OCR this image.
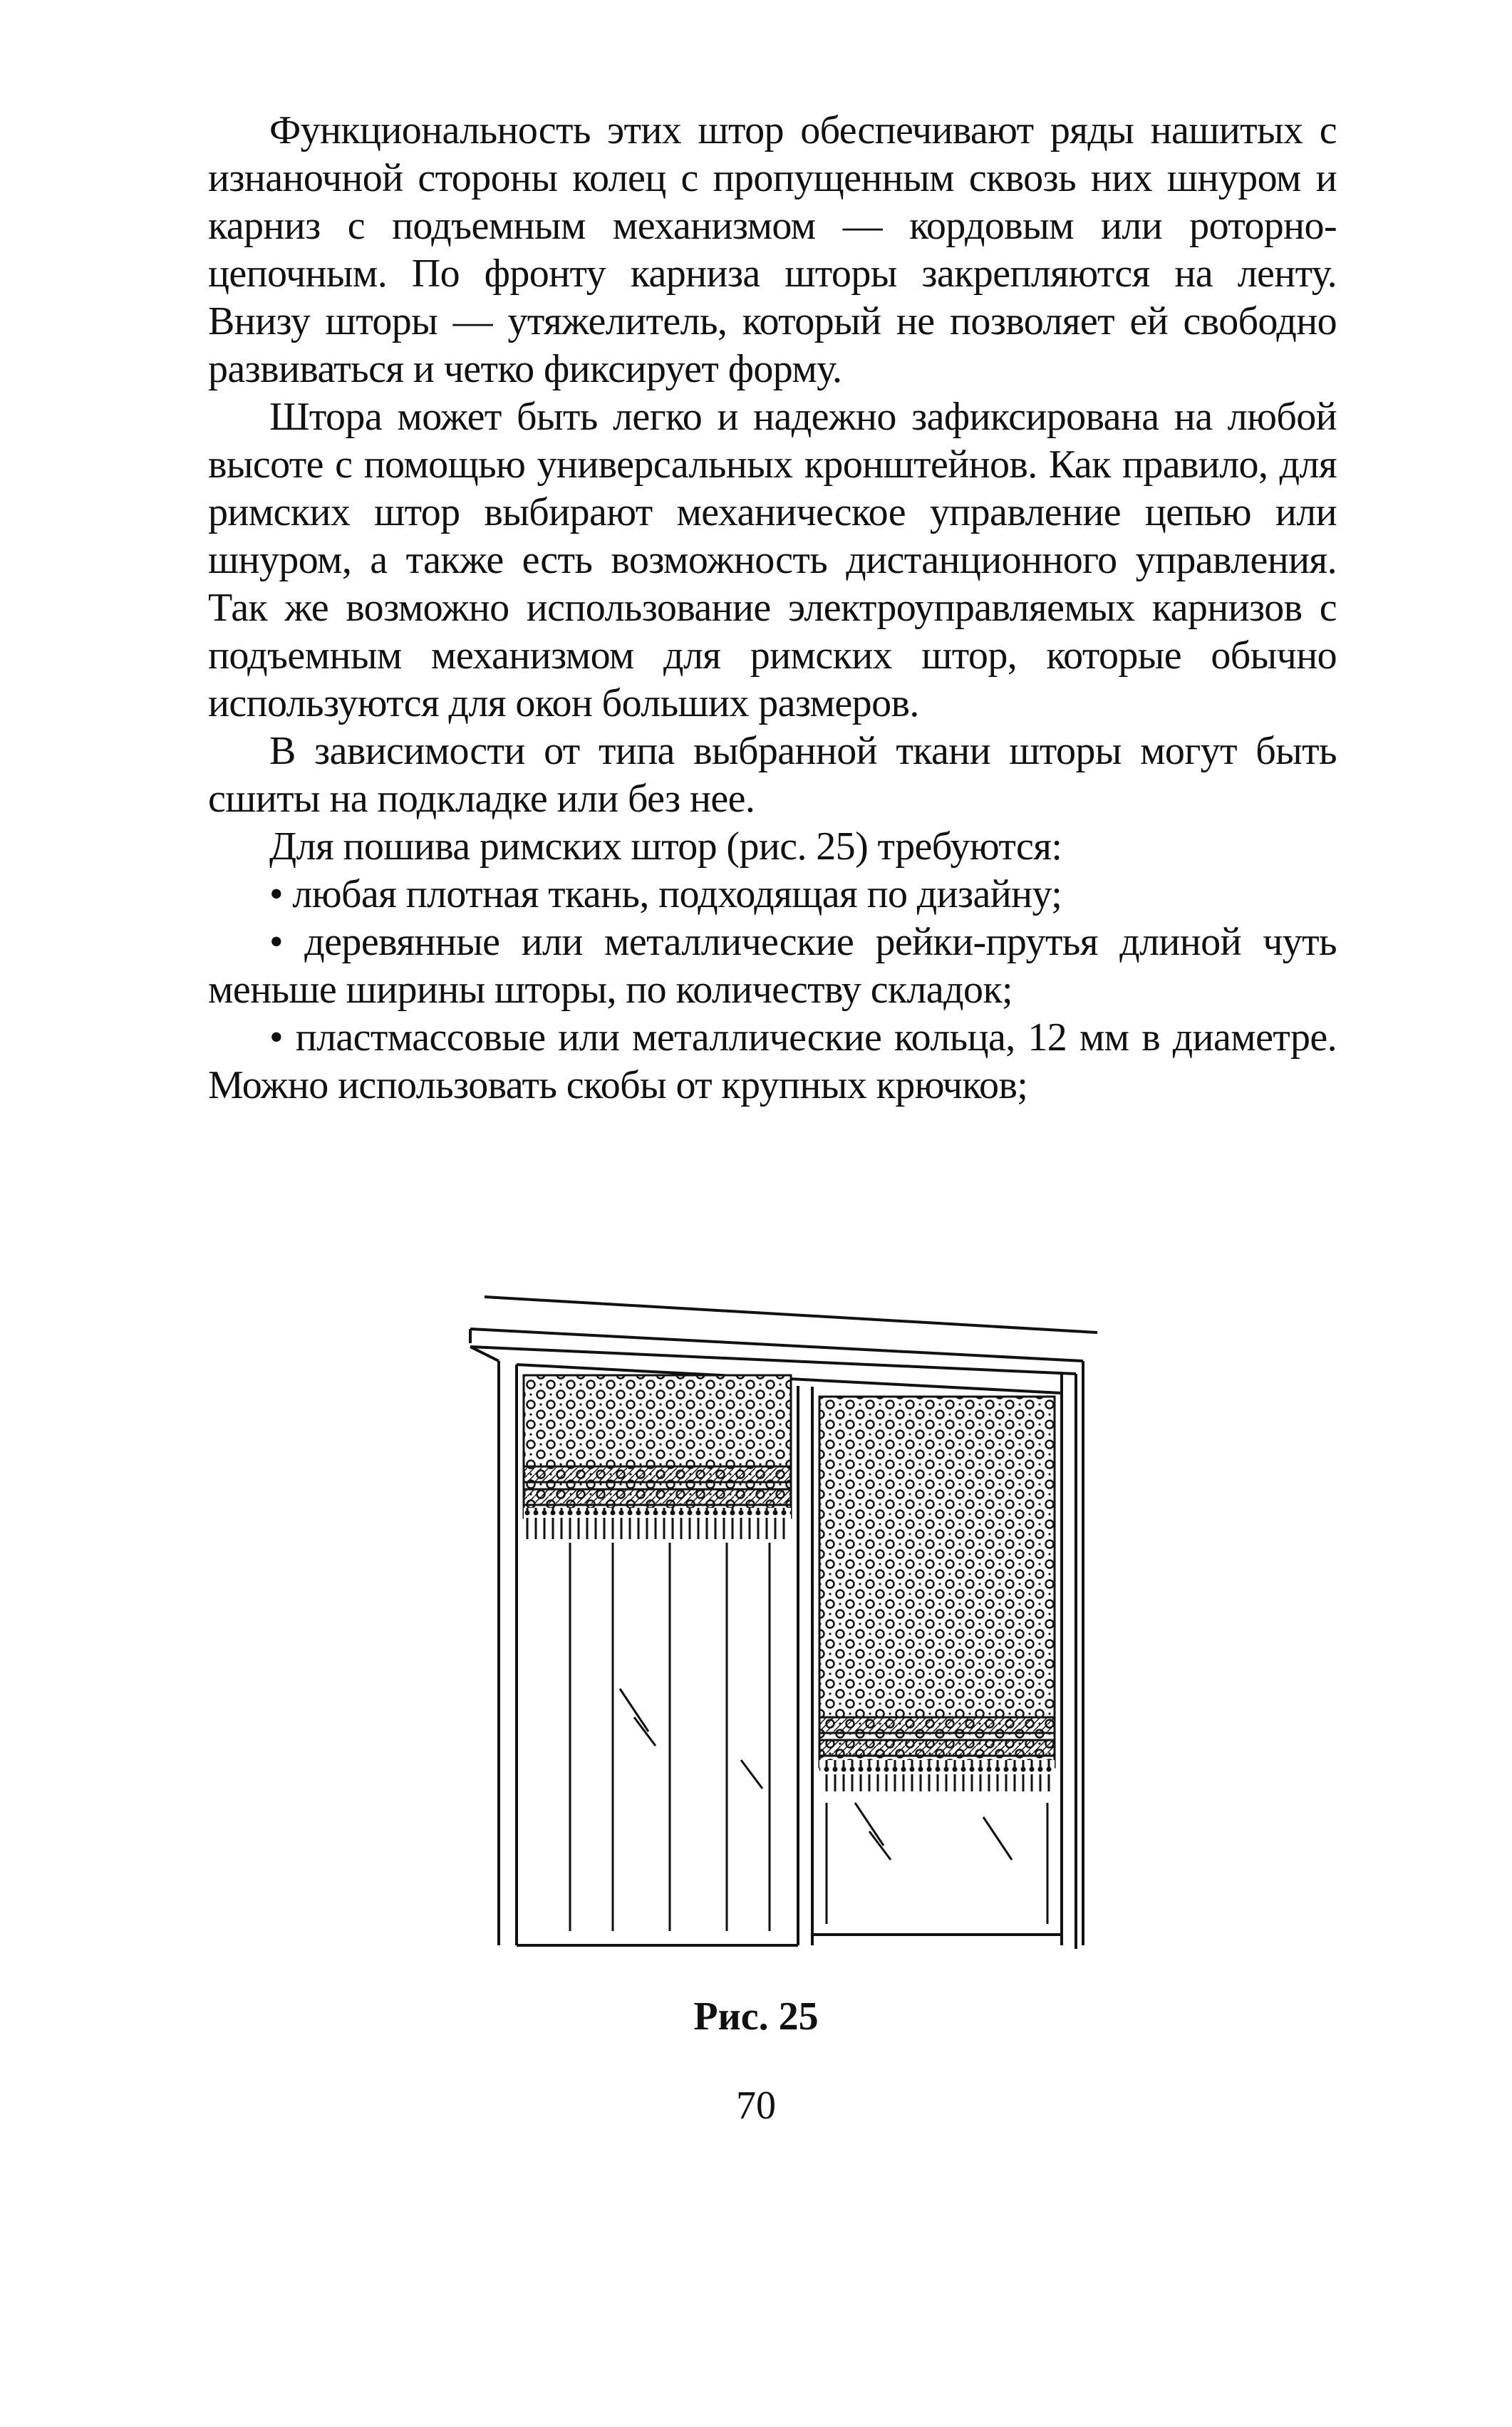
Функциональность этих штор обеспечивают ряды нашитых с изнаночной стороны колец с пропущенным сквозь них шнуром и карниз с подъемным механизмом — кордовым или роторно-цепочным. По фронту карниза шторы закрепляются на ленту. Внизу шторы — утяжелитель, который не позволяет ей свободно развиваться и четко фиксирует форму.

Штора может быть легко и надежно зафиксирована на любой высоте с помощью универсальных кронштейнов. Как правило, для римских штор выбирают механическое управление цепью или шнуром, а также есть возможность дистанционного управления. Так же возможно использование электроуправляемых карнизов с подъемным механизмом для римских штор, которые обычно используются для окон больших размеров.

В зависимости от типа выбранной ткани шторы могут быть сшиты на подкладке или без нее.

Для пошива римских штор (рис. 25) требуются:

• любая плотная ткань, подходящая по дизайну;

• деревянные или металлические рейки-прутья длиной чуть меньше ширины шторы, по количеству складок;

• пластмассовые или металлические кольца, 12 мм в диаметре. Можно использовать скобы от крупных крючков;

Рис. 25
70
